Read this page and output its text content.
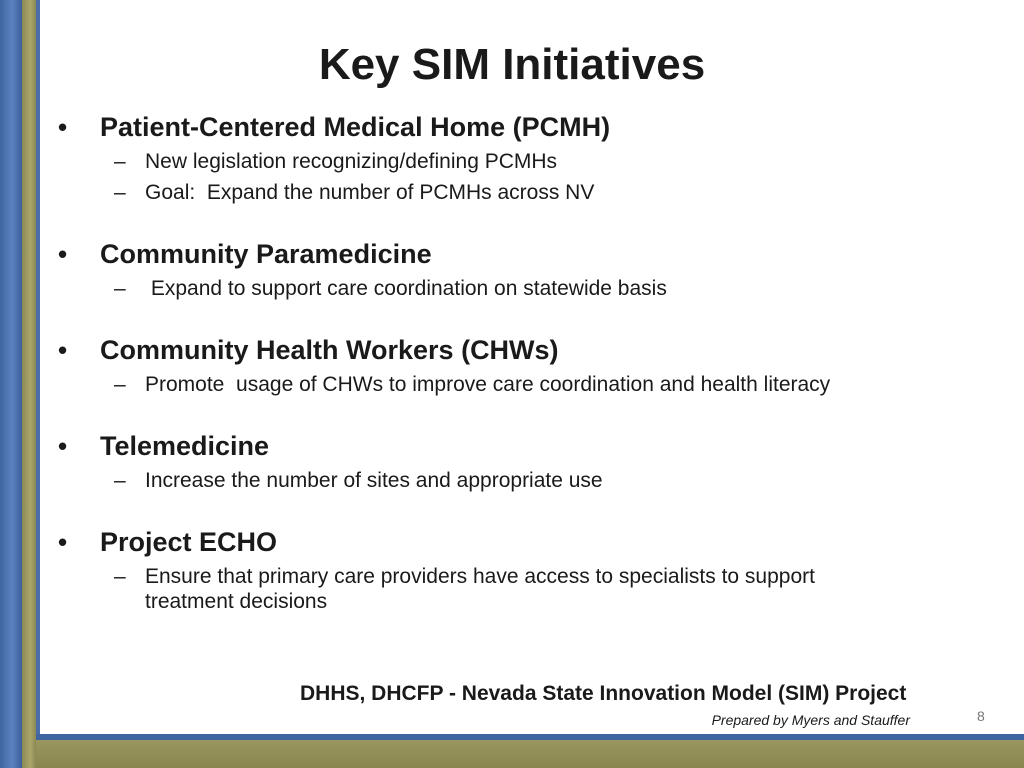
Key SIM Initiatives
•	Patient-Centered Medical Home (PCMH)
– New legislation recognizing/defining PCMHs
– Goal:  Expand the number of PCMHs across NV
•	Community Paramedicine
– Expand to support care coordination on statewide basis
•	Community Health Workers (CHWs)
– Promote  usage of CHWs to improve care coordination and health literacy
•	Telemedicine
– Increase the number of sites and appropriate use
•	Project ECHO
– Ensure that primary care providers have access to specialists to support treatment decisions
DHHS, DHCFP - Nevada State Innovation Model (SIM) Project
Prepared by Myers and Stauffer	8
